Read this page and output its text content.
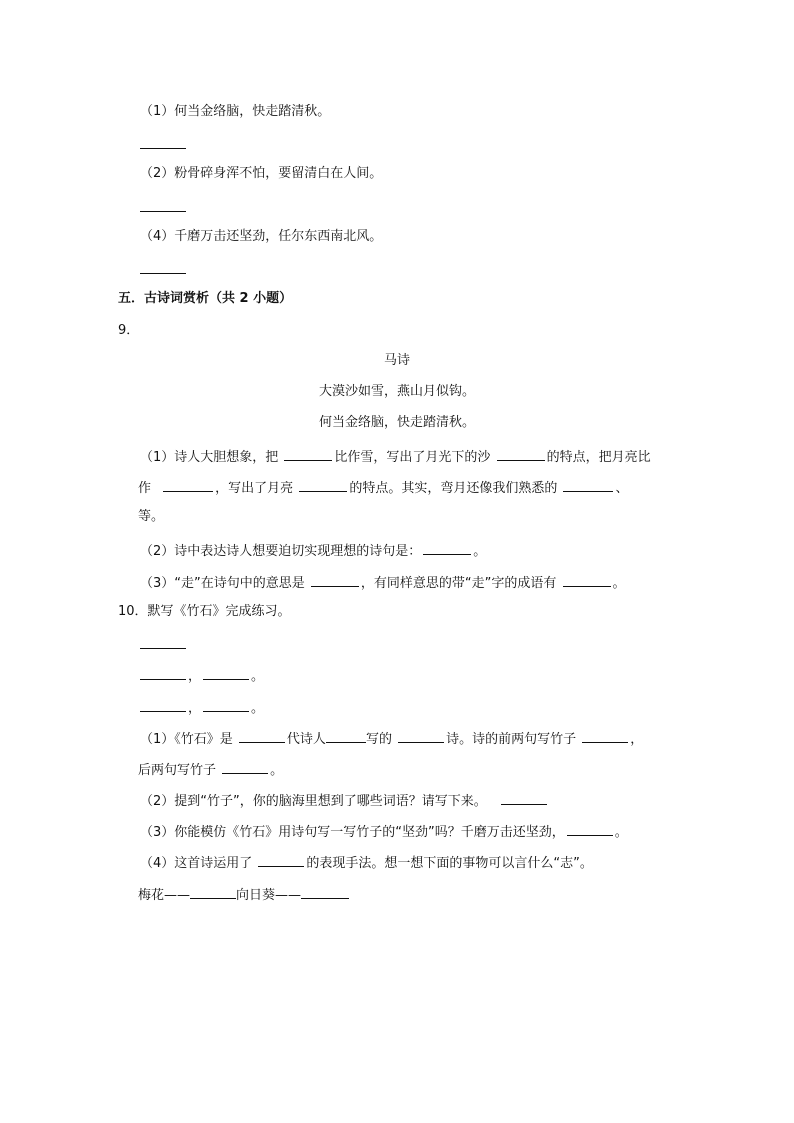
（1）何当金络脑，快走踏清秋。
（2）粉骨碎身浑不怕，要留清白在人间。
（4）千磨万击还坚劲，任尔东西南北风。
五．古诗词赏析（共 2 小题）
9．
马诗
大漠沙如雪，燕山月似钩。
何当金络脑，快走踏清秋。
（1）诗人大胆想象，把	比作雪，写出了月光下的沙	的特点，把月亮比
作	，写出了月亮	的特点。其实，弯月还像我们熟悉的	、
等。
（2）诗中表达诗人想要迫切实现理想的诗句是：	。
（3）“走”在诗句中的意思是	，有同样意思的带“走”字的成语有	。
10．默写《竹石》完成练习。
，	。
，	。
（1）《竹石》是	代诗人	写的	诗。诗的前两句写竹子	，
后两句写竹子	。
（2）提到“竹子”，你的脑海里想到了哪些词语？请写下来。
（3）你能模仿《竹石》用诗句写一写竹子的“坚劲”吗？千磨万击还坚劲，	。
（4）这首诗运用了	的表现手法。想一想下面的事物可以言什么“志”。
梅花——	向日葵——
